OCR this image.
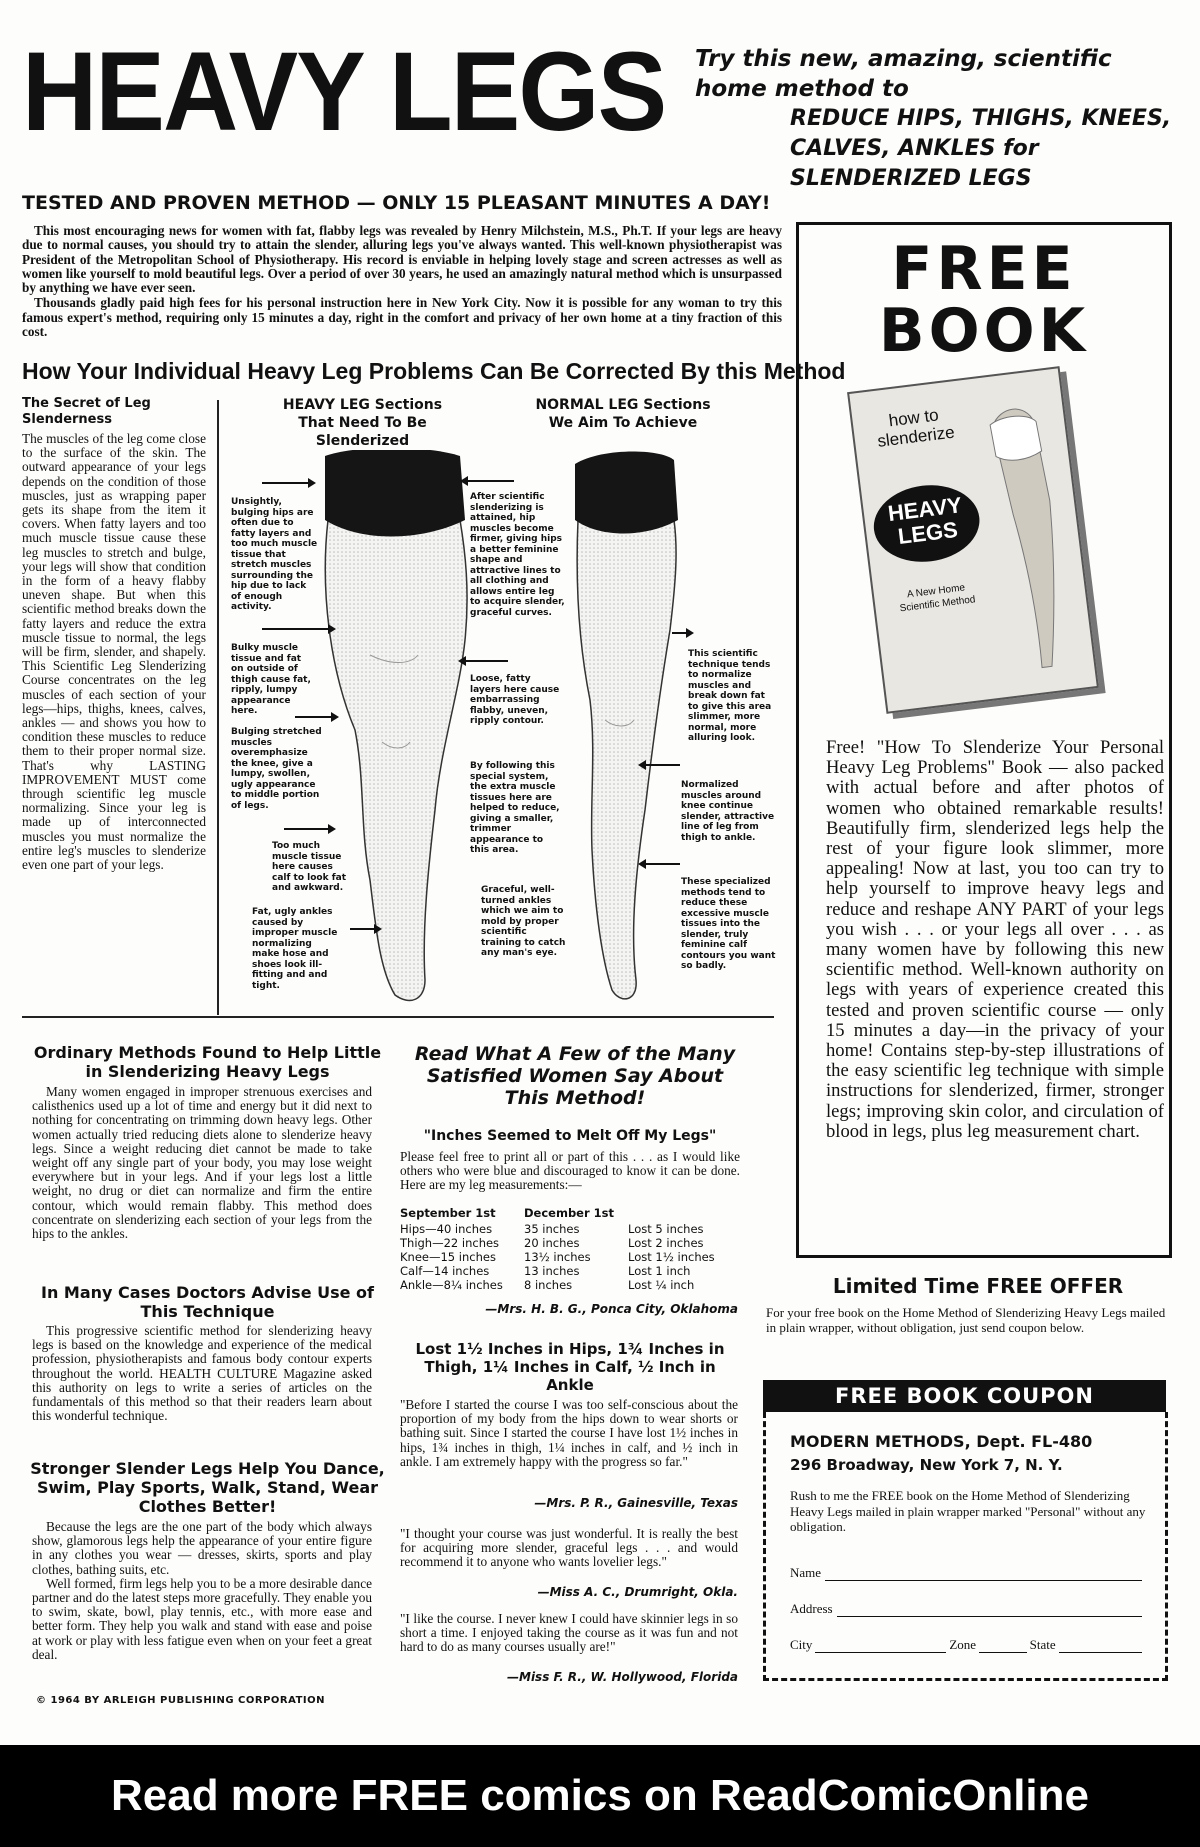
HEAVY LEGS Try this new, amazing, scientific home method to
REDUCE HIPS, THIGHS, KNEES, CALVES, ANKLES for SLENDERIZED LEGS
TESTED AND PROVEN METHOD — ONLY 15 PLEASANT MINUTES A DAY!

This most encouraging news for women with fat, flabby legs was revealed by Henry Milchstein, M.S., Ph.T. If your legs are heavy due to normal causes, you should try to attain the slender, alluring legs you've always wanted. This well-known physiotherapist was President of the Metropolitan School of Physiotherapy. His record is enviable in helping lovely stage and screen actresses as well as women like yourself to mold beautiful legs. Over a period of over 30 years, he used an amazingly natural method which is unsurpassed by anything we have ever seen.

Thousands gladly paid high fees for his personal instruction here in New York City. Now it is possible for any woman to try this famous expert's method, requiring only 15 minutes a day, right in the comfort and privacy of her own home at a tiny fraction of this cost.

How Your Individual Heavy Leg Problems Can Be Corrected By this Method
The Secret of Leg Slenderness
The muscles of the leg come close to the surface of the skin. The outward appearance of your legs depends on the condition of those muscles, just as wrapping paper gets its shape from the item it covers. When fatty layers and too much muscle tissue cause these leg muscles to stretch and bulge, your legs will show that condition in the form of a heavy flabby uneven shape. But when this scientific method breaks down the fatty layers and reduce the extra muscle tissue to normal, the legs will be firm, slender, and shapely. This Scientific Leg Slenderizing Course concentrates on the leg muscles of each section of your legs—hips, thighs, knees, calves, ankles — and shows you how to condition these muscles to reduce them to their proper normal size. That's why LASTING IMPROVEMENT MUST come through scientific leg muscle normalizing. Since your leg is made up of interconnected muscles you must normalize the entire leg's muscles to slenderize even one part of your legs.
HEAVY LEG Sections That Need To Be Slenderized
NORMAL LEG Sections We Aim To Achieve
Unsightly, bulging hips are often due to fatty layers and too much muscle tissue that stretch muscles surrounding the hip due to lack of enough activity.
Bulky muscle tissue and fat on outside of thigh cause fat, ripply, lumpy appearance here.
Bulging stretched muscles overemphasize the knee, give a lumpy, swollen, ugly appearance to middle portion of legs.
Too much muscle tissue here causes calf to look fat and awkward.
Fat, ugly ankles caused by improper muscle normalizing make hose and shoes look ill-fitting and and tight.
After scientific slenderizing is attained, hip muscles become firmer, giving hips a better feminine shape and attractive lines to all clothing and allows entire leg to acquire slender, graceful curves.
Loose, fatty layers here cause embarrassing flabby, uneven, ripply contour.
By following this special system, the extra muscle tissues here are helped to reduce, giving a smaller, trimmer appearance to this area.
Graceful, well-turned ankles which we aim to mold by proper scientific training to catch any man's eye.
This scientific technique tends to normalize muscles and break down fat to give this area slimmer, more normal, more alluring look.
Normalized muscles around knee continue slender, attractive line of leg from thigh to ankle.
These specialized methods tend to reduce these excessive muscle tissues into the slender, truly feminine calf contours you want so badly.
Ordinary Methods Found to Help Little in Slenderizing Heavy Legs

Many women engaged in improper strenuous exercises and calisthenics used up a lot of time and energy but it did next to nothing for concentrating on trimming down heavy legs. Other women actually tried reducing diets alone to slenderize heavy legs. Since a weight reducing diet cannot be made to take weight off any single part of your body, you may lose weight everywhere but in your legs. And if your legs lost a little weight, no drug or diet can normalize and firm the entire contour, which would remain flabby. This method does concentrate on slenderizing each section of your legs from the hips to the ankles.

In Many Cases Doctors Advise Use of This Technique

This progressive scientific method for slenderizing heavy legs is based on the knowledge and experience of the medical profession, physiotherapists and famous body contour experts throughout the world. HEALTH CULTURE Magazine asked this authority on legs to write a series of articles on the fundamentals of this method so that their readers learn about this wonderful technique.

Stronger Slender Legs Help You Dance, Swim, Play Sports, Walk, Stand, Wear Clothes Better!

Because the legs are the one part of the body which always show, glamorous legs help the appearance of your entire figure in any clothes you wear — dresses, skirts, sports and play clothes, bathing suits, etc.

Well formed, firm legs help you to be a more desirable dance partner and do the latest steps more gracefully. They enable you to swim, skate, bowl, play tennis, etc., with more ease and better form. They help you walk and stand with ease and poise at work or play with less fatigue even when on your feet a great deal.

© 1964 BY ARLEIGH PUBLISHING CORPORATION
Read What A Few of the Many Satisfied Women Say About This Method!
"Inches Seemed to Melt Off My Legs"
Please feel free to print all or part of this . . . as I would like others who were blue and discouraged to know it can be done. Here are my leg measurements:—
September 1st	December 1st	
Hips—40 inches	35 inches	Lost 5 inches
Thigh—22 inches	20 inches	Lost 2 inches
Knee—15 inches	13½ inches	Lost 1½ inches
Calf—14 inches	13 inches	Lost 1 inch
Ankle—8¼ inches	8 inches	Lost ¼ inch
—Mrs. H. B. G., Ponca City, Oklahoma
Lost 1½ Inches in Hips, 1¾ Inches in Thigh, 1¼ Inches in Calf, ½ Inch in Ankle
"Before I started the course I was too self-conscious about the proportion of my body from the hips down to wear shorts or bathing suit. Since I started the course I have lost 1½ inches in hips, 1¾ inches in thigh, 1¼ inches in calf, and ½ inch in ankle. I am extremely happy with the progress so far."
—Mrs. P. R., Gainesville, Texas
"I thought your course was just wonderful. It is really the best for acquiring more slender, graceful legs . . . and would recommend it to anyone who wants lovelier legs."
—Miss A. C., Drumright, Okla.
"I like the course. I never knew I could have skinnier legs in so short a time. I enjoyed taking the course as it was fun and not hard to do as many courses usually are!"
—Miss F. R., W. Hollywood, Florida
FREE
BOOK
how to slenderize
HEAVY LEGS
A New Home Scientific Method
Free! "How To Slenderize Your Personal Heavy Leg Problems" Book — also packed with actual before and after photos of women who obtained remarkable results! Beautifully firm, slenderized legs help the rest of your figure look slimmer, more appealing! Now at last, you too can try to help yourself to improve heavy legs and reduce and reshape ANY PART of your legs you wish . . . or your legs all over . . . as many women have by following this new scientific method. Well-known authority on legs with years of experience created this tested and proven scientific course — only 15 minutes a day—in the privacy of your home! Contains step-by-step illustrations of the easy scientific leg technique with simple instructions for slenderized, firmer, stronger legs; improving skin color, and circulation of blood in legs, plus leg measurement chart.
Limited Time FREE OFFER
For your free book on the Home Method of Slenderizing Heavy Legs mailed in plain wrapper, without obligation, just send coupon below.
FREE BOOK COUPON
MODERN METHODS, Dept. FL-480
296 Broadway, New York 7, N. Y.
Rush to me the FREE book on the Home Method of Slenderizing Heavy Legs mailed in plain wrapper marked "Personal" without any obligation.
Name
Address
City	Zone	State
Read more FREE comics on ReadComicOnline
